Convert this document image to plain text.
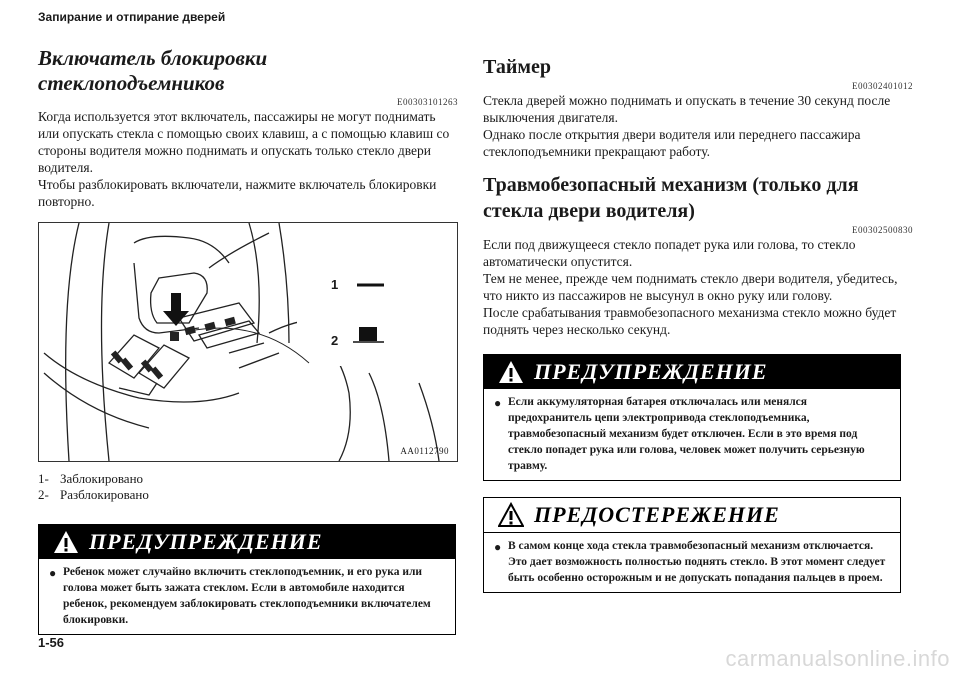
Запирание и отпирание дверей
Включатель блокировки стеклоподъемников
E00303101263

Когда используется этот включатель, пассажиры не могут поднимать или опускать стекла с помощью своих клавиш, а с помощью клавиш со стороны водителя можно поднимать и опускать только стекло двери водителя.

Чтобы разблокировать включатели, нажмите включатель блокировки повторно.

1
2
AA0112790
1- Заблокировано
2- Разблокировано
ПРЕДУПРЕЖДЕНИЕ
● Ребенок может случайно включить стеклоподъемник, и его рука или голова может быть зажата стеклом. Если в автомобиле находится ребенок, рекомендуем заблокировать стеклоподъемники включателем блокировки.
Таймер
E00302401012

Стекла дверей можно поднимать и опускать в течение 30 секунд после выключения двигателя.

Однако после открытия двери водителя или переднего пассажира стеклоподъемники прекращают работу.

Травмобезопасный механизм (только для стекла двери водителя)
E00302500830

Если под движущееся стекло попадет рука или голова, то стекло автоматически опустится.

Тем не менее, прежде чем поднимать стекло двери водителя, убедитесь, что никто из пассажиров не высунул в окно руку или голову.

После срабатывания травмобезопасного механизма стекло можно будет поднять через несколько секунд.

ПРЕДУПРЕЖДЕНИЕ
● Если аккумуляторная батарея отключалась или менялся предохранитель цепи электропривода стеклоподъемника, травмобезопасный механизм будет отключен. Если в это время под стекло попадет рука или голова, человек может получить серьезную травму.
ПРЕДОСТЕРЕЖЕНИЕ
● В самом конце хода стекла травмобезопасный механизм отключается. Это дает возможность полностью поднять стекло. В этот момент следует быть особенно осторожным и не допускать попадания пальцев в проем.
1-56
carmanualsonline.info
